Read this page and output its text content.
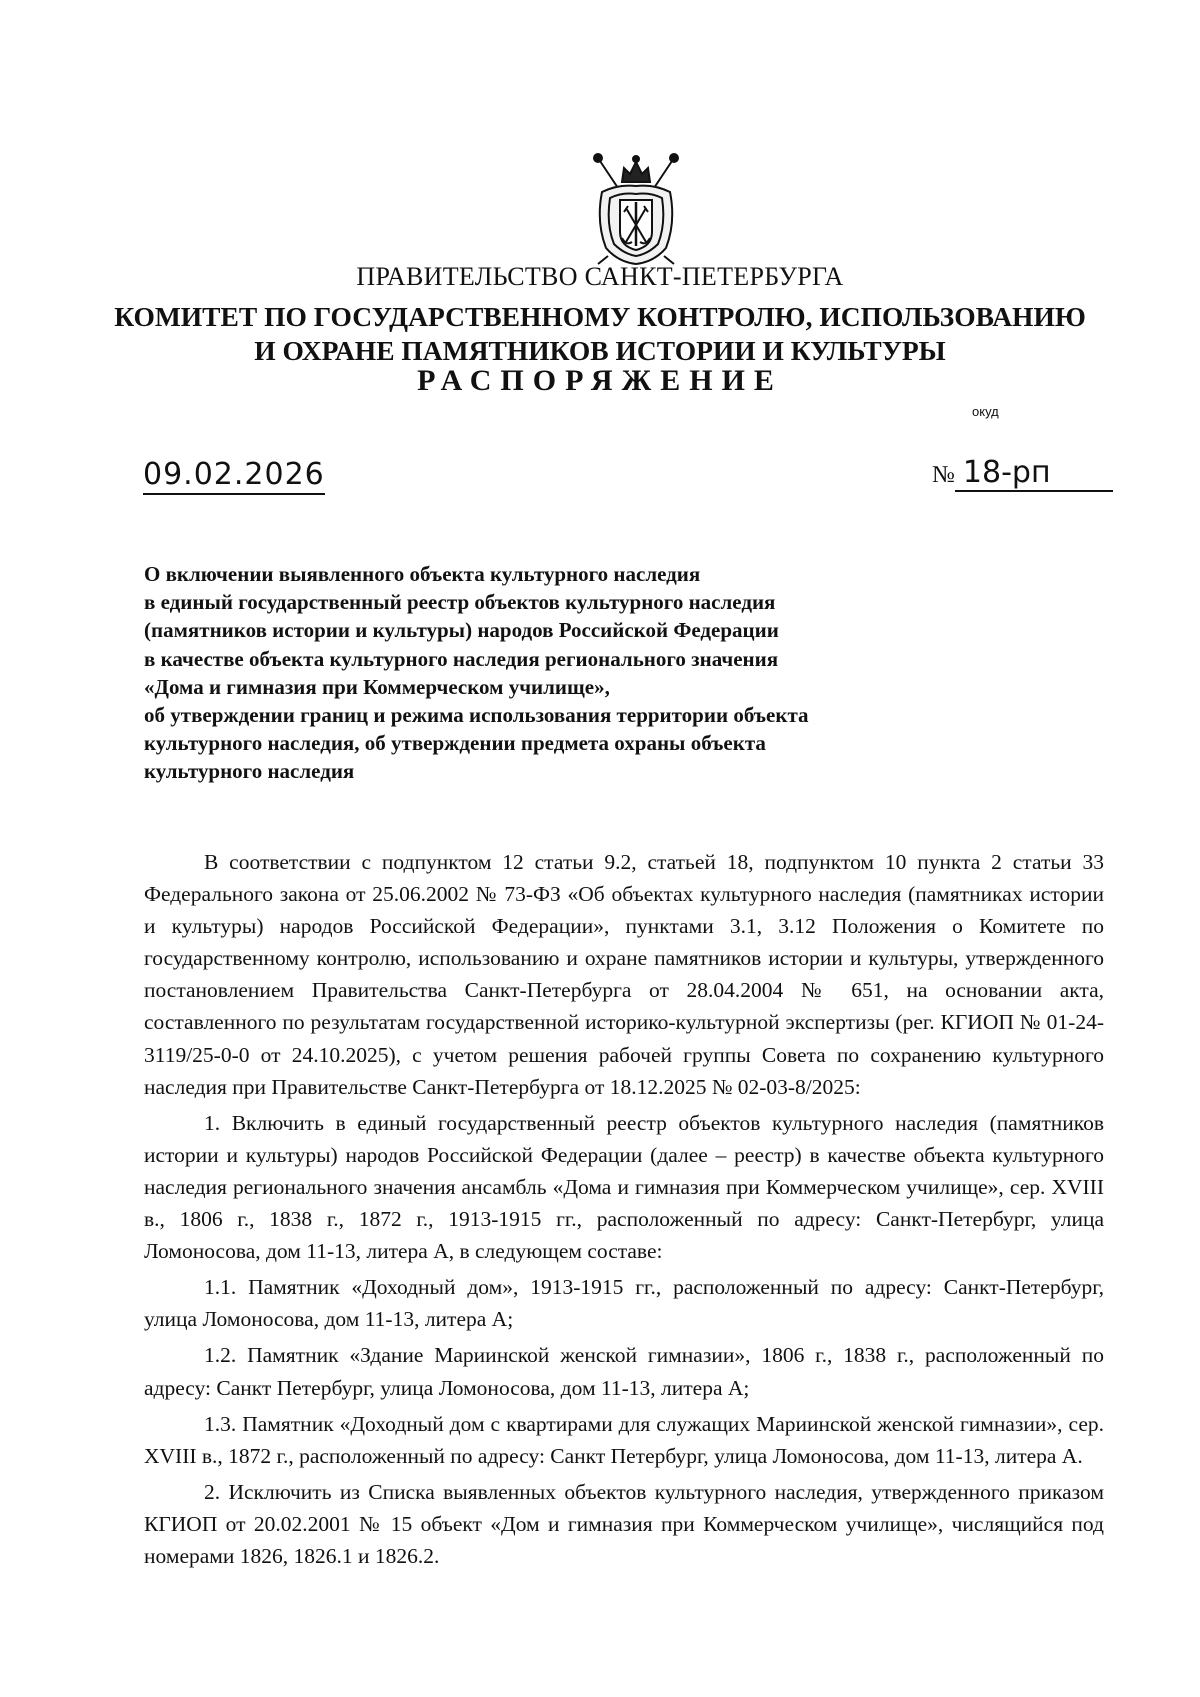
ПРАВИТЕЛЬСТВО САНКТ-ПЕТЕРБУРГА
КОМИТЕТ ПО ГОСУДАРСТВЕННОМУ КОНТРОЛЮ, ИСПОЛЬЗОВАНИЮ
И ОХРАНЕ ПАМЯТНИКОВ ИСТОРИИ И КУЛЬТУРЫ
РАСПОРЯЖЕНИЕ
окуд
09.02.2026	№ 18-рп
О включении выявленного объекта культурного наследия
в единый государственный реестр объектов культурного наследия
(памятников истории и культуры) народов Российской Федерации
в качестве объекта культурного наследия регионального значения
«Дома и гимназия при Коммерческом училище»,
об утверждении границ и режима использования территории объекта
культурного наследия, об утверждении предмета охраны объекта
культурного наследия

В соответствии с подпунктом 12 статьи 9.2, статьей 18, подпунктом 10 пункта 2 статьи 33 Федерального закона от 25.06.2002 № 73-ФЗ «Об объектах культурного наследия (памятниках истории и культуры) народов Российской Федерации», пунктами 3.1, 3.12 Положения о Комитете по государственному контролю, использованию и охране памятников истории и культуры, утвержденного постановлением Правительства Санкт-Петербурга от 28.04.2004 № 651, на основании акта, составленного по результатам государственной историко-культурной экспертизы (рег. КГИОП № 01-24-3119/25-0-0 от 24.10.2025), с учетом решения рабочей группы Совета по сохранению культурного наследия при Правительстве Санкт-Петербурга от 18.12.2025 № 02-03-8/2025:

1. Включить в единый государственный реестр объектов культурного наследия (памятников истории и культуры) народов Российской Федерации (далее – реестр) в качестве объекта культурного наследия регионального значения ансамбль «Дома и гимназия при Коммерческом училище», сер. XVIII в., 1806 г., 1838 г., 1872 г., 1913-1915 гг., расположенный по адресу: Санкт-Петербург, улица Ломоносова, дом 11-13, литера А, в следующем составе:

1.1. Памятник «Доходный дом», 1913-1915 гг., расположенный по адресу: Санкт-Петербург, улица Ломоносова, дом 11-13, литера А;

1.2. Памятник «Здание Мариинской женской гимназии», 1806 г., 1838 г., расположенный по адресу: Санкт Петербург, улица Ломоносова, дом 11-13, литера А;

1.3. Памятник «Доходный дом с квартирами для служащих Мариинской женской гимназии», сер. XVIII в., 1872 г., расположенный по адресу: Санкт Петербург, улица Ломоносова, дом 11-13, литера А.

2. Исключить из Списка выявленных объектов культурного наследия, утвержденного приказом КГИОП от 20.02.2001 № 15 объект «Дом и гимназия при Коммерческом училище», числящийся под номерами 1826, 1826.1 и 1826.2.
